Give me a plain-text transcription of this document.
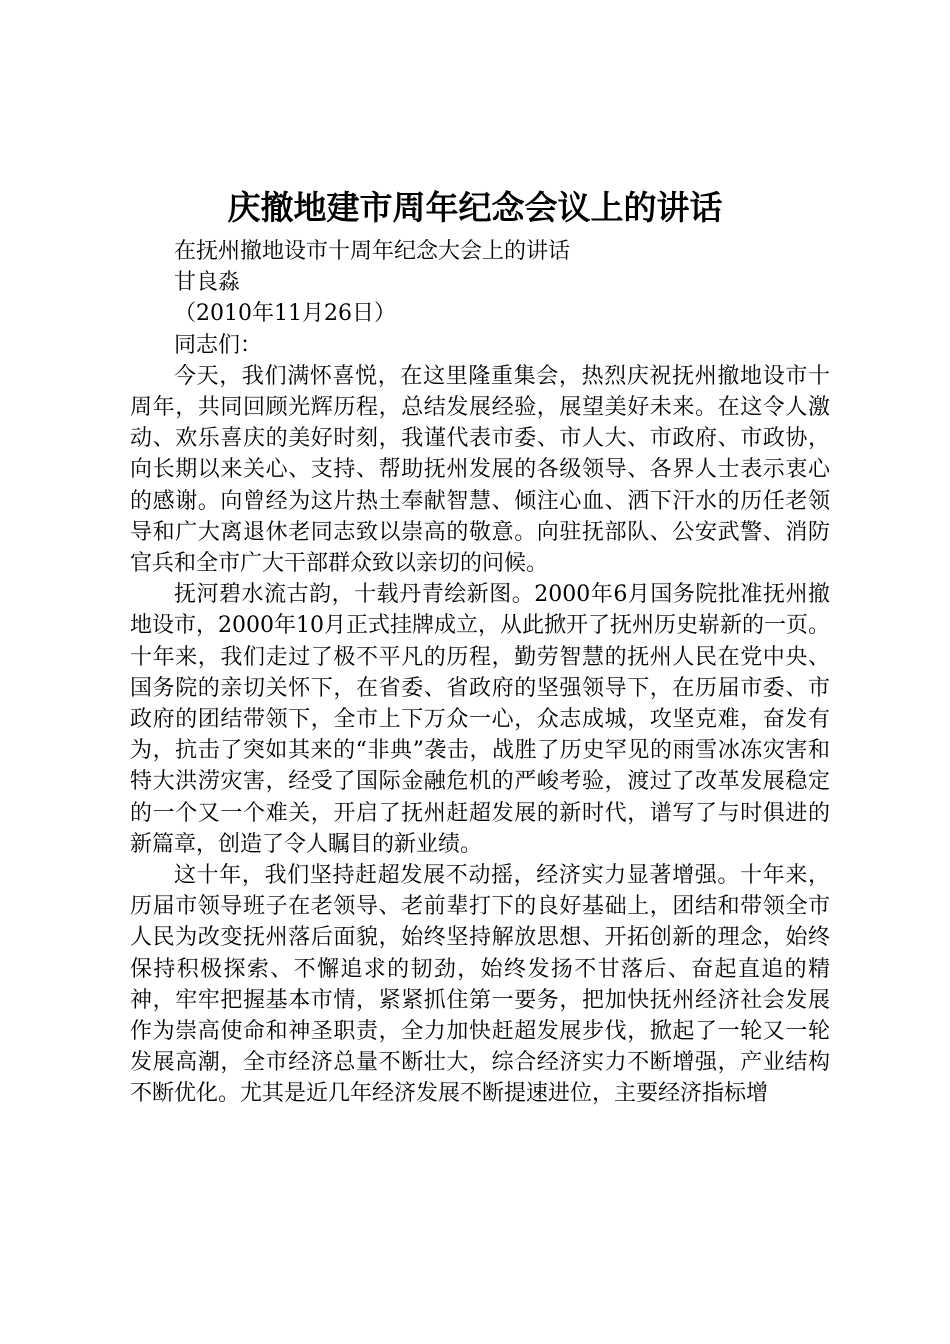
庆撤地建市周年纪念会议上的讲话

在抚州撤地设市十周年纪念大会上的讲话

甘良淼

（2010年11月26日）

同志们：

今天，我们满怀喜悦，在这里隆重集会，热烈庆祝抚州撤地设市十周年，共同回顾光辉历程，总结发展经验，展望美好未来。在这令人激动、欢乐喜庆的美好时刻，我谨代表市委、市人大、市政府、市政协，向长期以来关心、支持、帮助抚州发展的各级领导、各界人士表示衷心的感谢。向曾经为这片热土奉献智慧、倾注心血、洒下汗水的历任老领导和广大离退休老同志致以崇高的敬意。向驻抚部队、公安武警、消防官兵和全市广大干部群众致以亲切的问候。

抚河碧水流古韵，十载丹青绘新图。2000年6月国务院批准抚州撤地设市，2000年10月正式挂牌成立，从此掀开了抚州历史崭新的一页。十年来，我们走过了极不平凡的历程，勤劳智慧的抚州人民在党中央、国务院的亲切关怀下，在省委、省政府的坚强领导下，在历届市委、市政府的团结带领下，全市上下万众一心，众志成城，攻坚克难，奋发有为，抗击了突如其来的“非典”袭击，战胜了历史罕见的雨雪冰冻灾害和特大洪涝灾害，经受了国际金融危机的严峻考验，渡过了改革发展稳定的一个又一个难关，开启了抚州赶超发展的新时代，谱写了与时俱进的新篇章，创造了令人瞩目的新业绩。

这十年，我们坚持赶超发展不动摇，经济实力显著增强。十年来，历届市领导班子在老领导、老前辈打下的良好基础上，团结和带领全市人民为改变抚州落后面貌，始终坚持解放思想、开拓创新的理念，始终保持积极探索、不懈追求的韧劲，始终发扬不甘落后、奋起直追的精神，牢牢把握基本市情，紧紧抓住第一要务，把加快抚州经济社会发展作为崇高使命和神圣职责，全力加快赶超发展步伐，掀起了一轮又一轮发展高潮，全市经济总量不断壮大，综合经济实力不断增强，产业结构不断优化。尤其是近几年经济发展不断提速进位，主要经济指标增
